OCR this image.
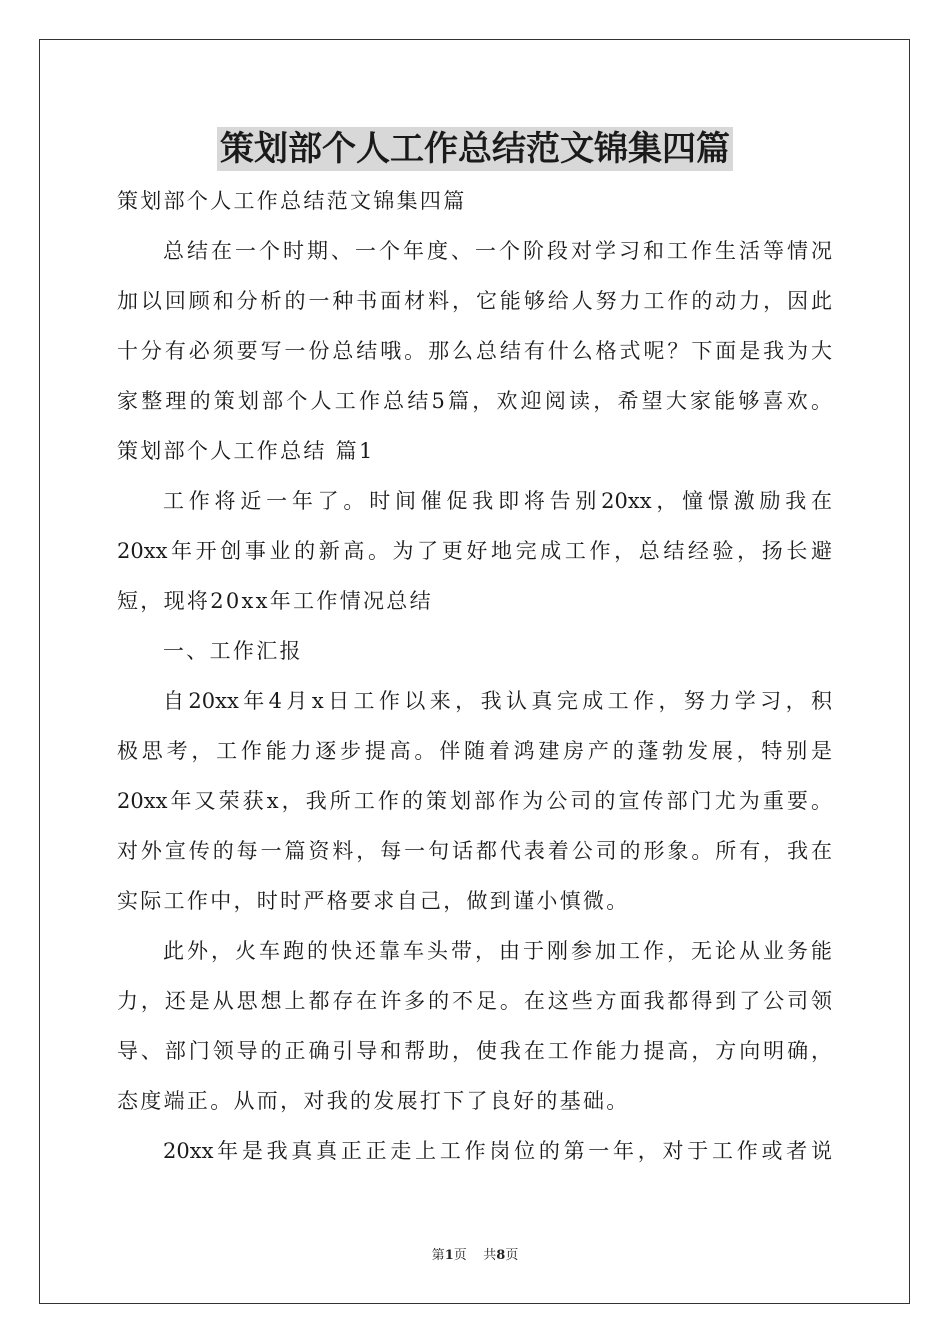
策划部个人工作总结范文锦集四篇
策划部个人工作总结范文锦集四篇
总结在一个时期、一个年度、一个阶段对学习和工作生活等情况
加以回顾和分析的一种书面材料，它能够给人努力工作的动力，因此
十分有必须要写一份总结哦。那么总结有什么格式呢？下面是我为大
家整理的策划部个人工作总结5篇，欢迎阅读，希望大家能够喜欢。
策划部个人工作总结 篇1
工作将近一年了。时间催促我即将告别20xx，憧憬激励我在
20xx年开创事业的新高。为了更好地完成工作，总结经验，扬长避
短，现将20xx年工作情况总结
一、工作汇报
自20xx年4月x日工作以来，我认真完成工作，努力学习，积
极思考，工作能力逐步提高。伴随着鸿建房产的蓬勃发展，特别是
20xx年又荣获x，我所工作的策划部作为公司的宣传部门尤为重要。
对外宣传的每一篇资料，每一句话都代表着公司的形象。所有，我在
实际工作中，时时严格要求自己，做到谨小慎微。
此外，火车跑的快还靠车头带，由于刚参加工作，无论从业务能
力，还是从思想上都存在许多的不足。在这些方面我都得到了公司领
导、部门领导的正确引导和帮助，使我在工作能力提高，方向明确，
态度端正。从而，对我的发展打下了良好的基础。
20xx年是我真真正正走上工作岗位的第一年，对于工作或者说
第1页    共8页
